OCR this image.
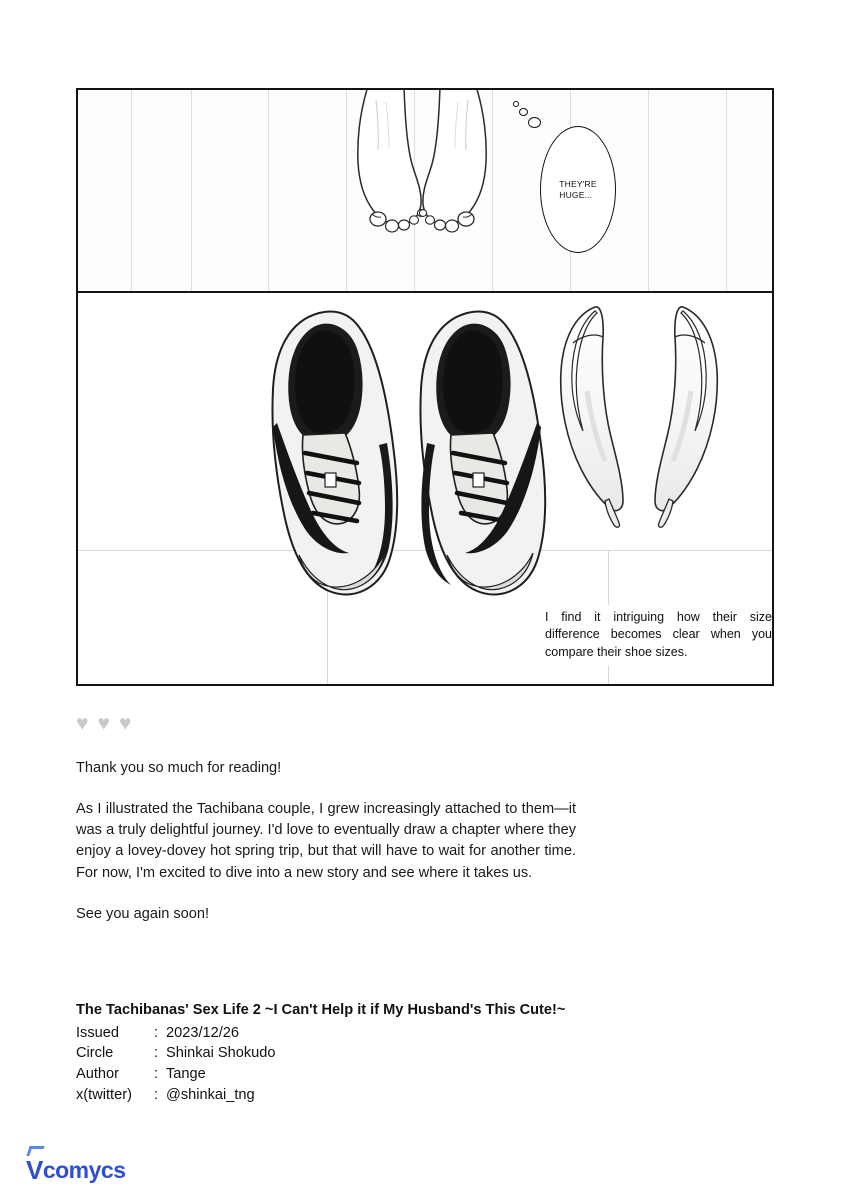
THEY'RE
HUGE...
I find it intriguing how their size difference becomes clear when you compare their shoe sizes.
♥ ♥ ♥

Thank you so much for reading!

As I illustrated the Tachibana couple, I grew increasingly attached to them—it was a truly delightful journey. I'd love to eventually draw a chapter where they enjoy a lovey-dovey hot spring trip, but that will have to wait for another time. For now, I'm excited to dive into a new story and see where it takes us.

See you again soon!

The Tachibanas' Sex Life 2 ~I Can't Help it if My Husband's This Cute!~
Issued	: 2023/12/26
Circle	: Shinkai Shokudo
Author	: Tange
x(twitter)	: @shinkai_tng
V comycs
